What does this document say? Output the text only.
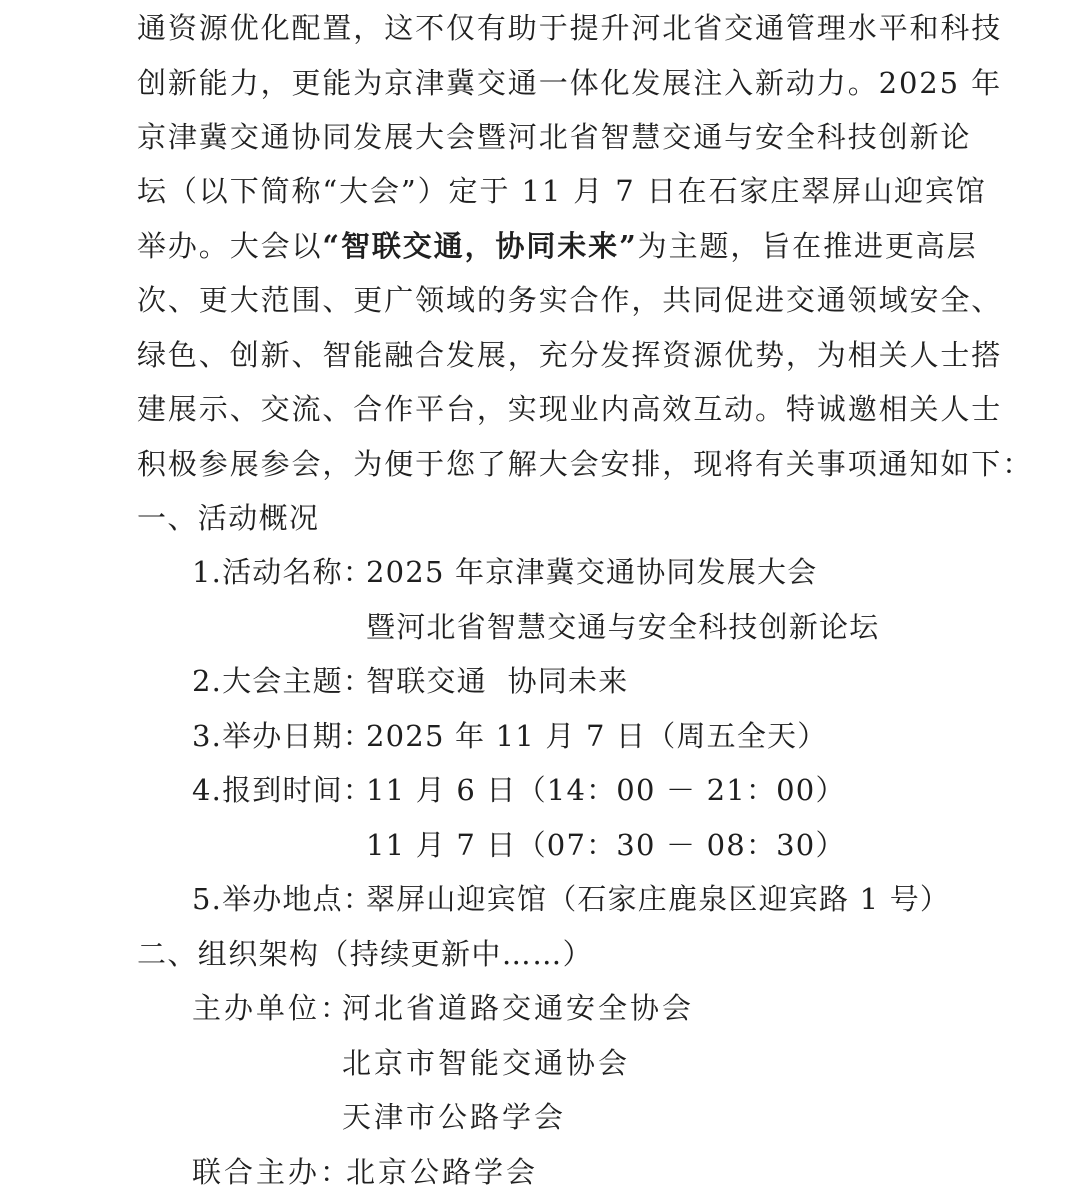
通资源优化配置，这不仅有助于提升河北省交通管理水平和科技
创新能力，更能为京津冀交通一体化发展注入新动力。2025 年
京津冀交通协同发展大会暨河北省智慧交通与安全科技创新论
坛（以下简称“大会”）定于 11 月 7 日在石家庄翠屏山迎宾馆
举办。大会以“智联交通，协同未来”为主题，旨在推进更高层
次、更大范围、更广领域的务实合作，共同促进交通领域安全、
绿色、创新、智能融合发展，充分发挥资源优势，为相关人士搭
建展示、交流、合作平台，实现业内高效互动。特诚邀相关人士
积极参展参会，为便于您了解大会安排，现将有关事项通知如下：
一、活动概况
1.活动名称：
2025 年京津冀交通协同发展大会
暨河北省智慧交通与安全科技创新论坛
2.大会主题：
智联交通  协同未来
3.举办日期：
2025 年 11 月 7 日（周五全天）
4.报到时间：
11 月 6 日（14：00 － 21：00）
11 月 7 日（07：30 － 08：30）
5.举办地点：
翠屏山迎宾馆（石家庄鹿泉区迎宾路 1 号）
二、组织架构（持续更新中……）
主办单位：
河北省道路交通安全协会
北京市智能交通协会
天津市公路学会
联合主办：
北京公路学会
